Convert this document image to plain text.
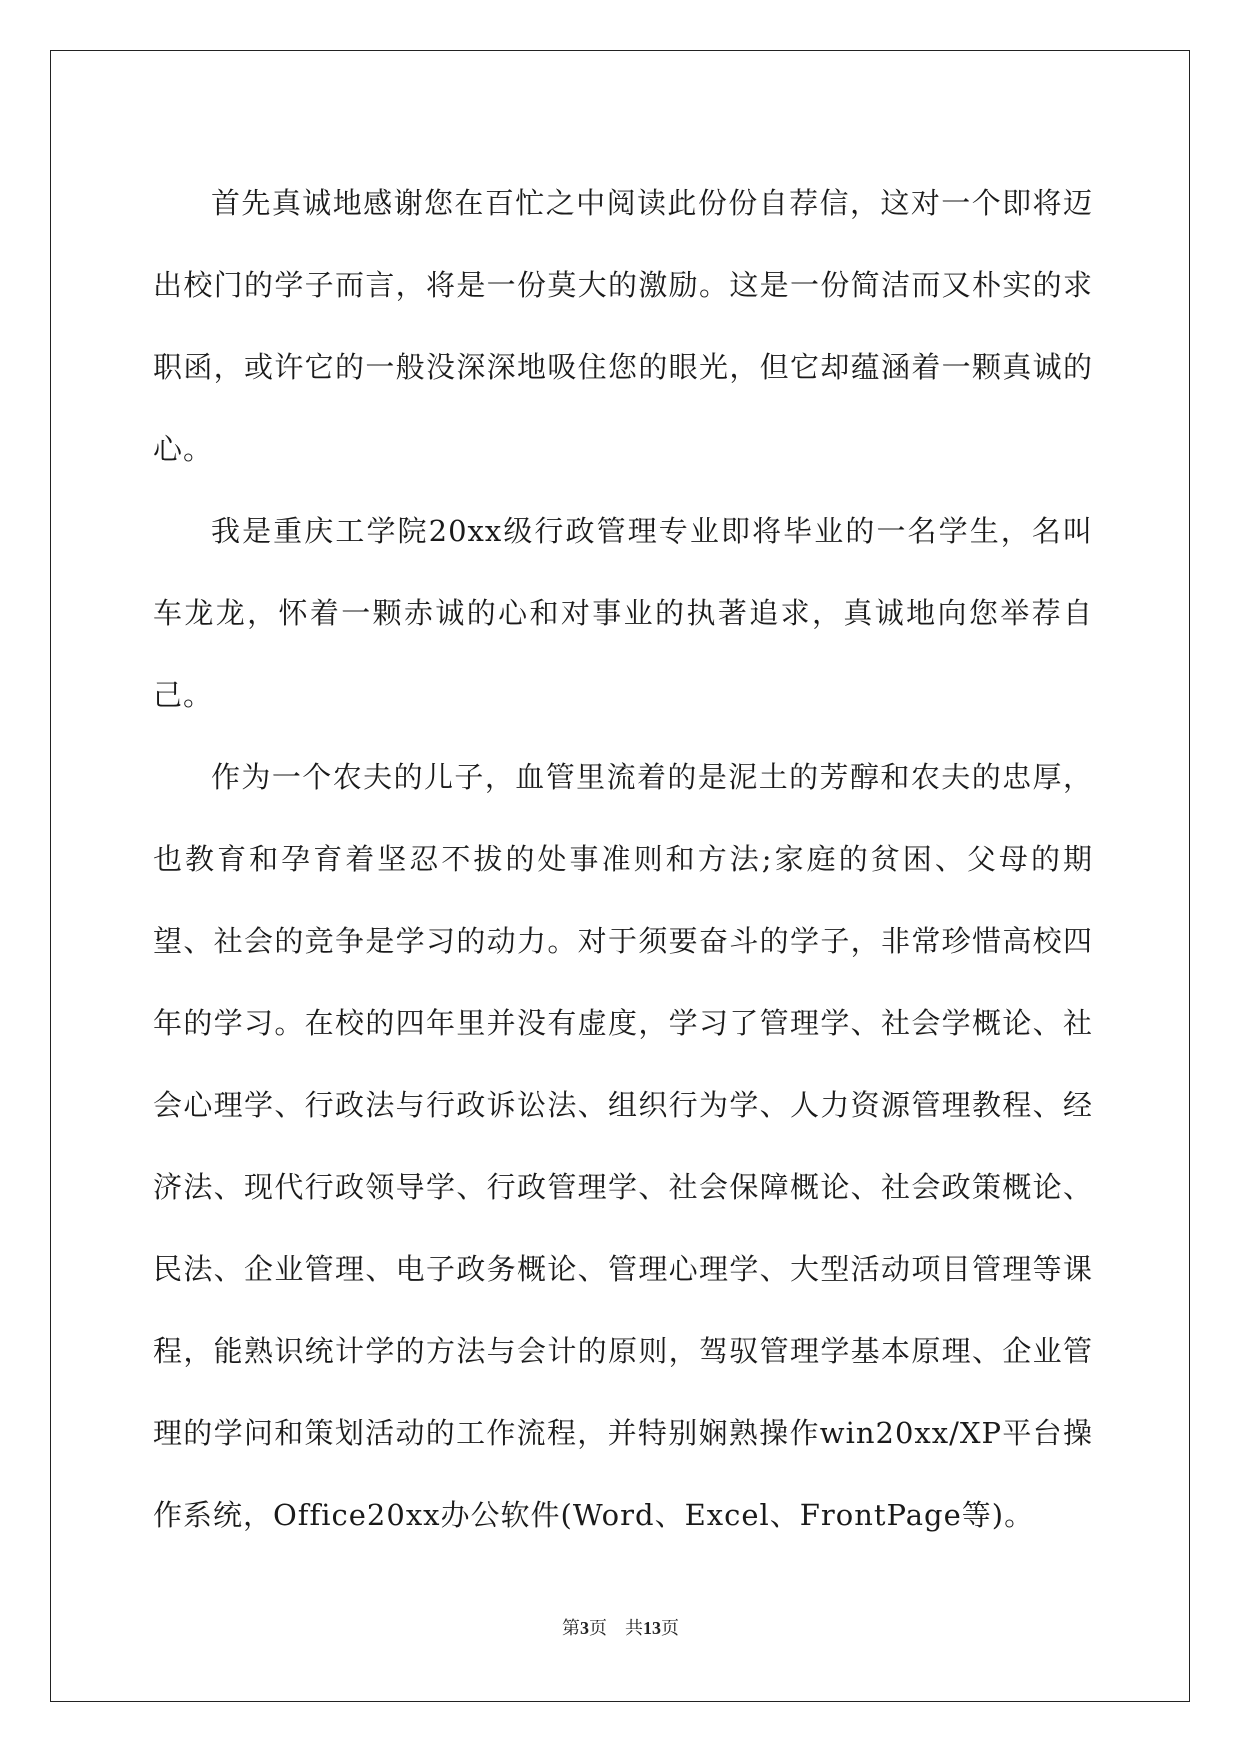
首先真诚地感谢您在百忙之中阅读此份份自荐信，这对一个即将迈出校门的学子而言，将是一份莫大的激励。这是一份简洁而又朴实的求职函，或许它的一般没深深地吸住您的眼光，但它却蕴涵着一颗真诚的心。

我是重庆工学院20xx级行政管理专业即将毕业的一名学生，名叫车龙龙，怀着一颗赤诚的心和对事业的执著追求，真诚地向您举荐自己。

作为一个农夫的儿子，血管里流着的是泥土的芳醇和农夫的忠厚，也教育和孕育着坚忍不拔的处事准则和方法;家庭的贫困、父母的期望、社会的竞争是学习的动力。对于须要奋斗的学子，非常珍惜高校四年的学习。在校的四年里并没有虚度，学习了管理学、社会学概论、社会心理学、行政法与行政诉讼法、组织行为学、人力资源管理教程、经济法、现代行政领导学、行政管理学、社会保障概论、社会政策概论、民法、企业管理、电子政务概论、管理心理学、大型活动项目管理等课程，能熟识统计学的方法与会计的原则，驾驭管理学基本原理、企业管理的学问和策划活动的工作流程，并特别娴熟操作win20xx/XP平台操作系统，Office20xx办公软件(Word、Excel、FrontPage等)。

第3页 共13页
